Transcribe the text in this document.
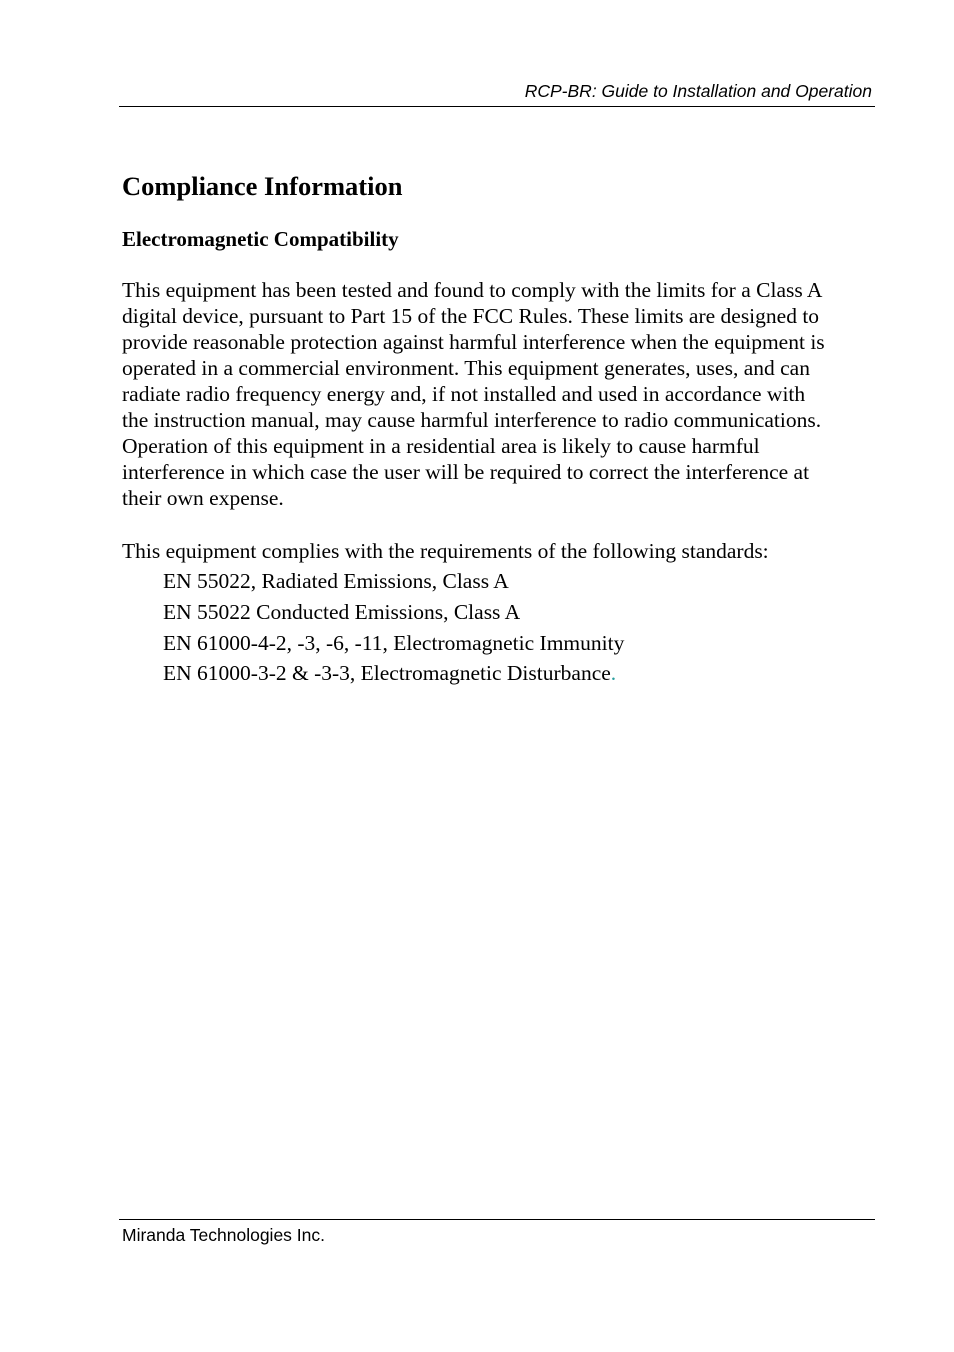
RCP-BR: Guide to Installation and Operation
Compliance Information
Electromagnetic Compatibility
This equipment has been tested and found to comply with the limits for a Class A
digital device, pursuant to Part 15 of the FCC Rules. These limits are designed to
provide reasonable protection against harmful interference when the equipment is
operated in a commercial environment. This equipment generates, uses, and can
radiate radio frequency energy and, if not installed and used in accordance with
the instruction manual, may cause harmful interference to radio communications.
Operation of this equipment in a residential area is likely to cause harmful
interference in which case the user will be required to correct the interference at
their own expense.
This equipment complies with the requirements of the following standards:
EN 55022, Radiated Emissions, Class A
EN 55022 Conducted Emissions, Class A
EN 61000-4-2, -3, -6, -11, Electromagnetic Immunity
EN 61000-3-2 & -3-3, Electromagnetic Disturbance.
Miranda Technologies Inc.
